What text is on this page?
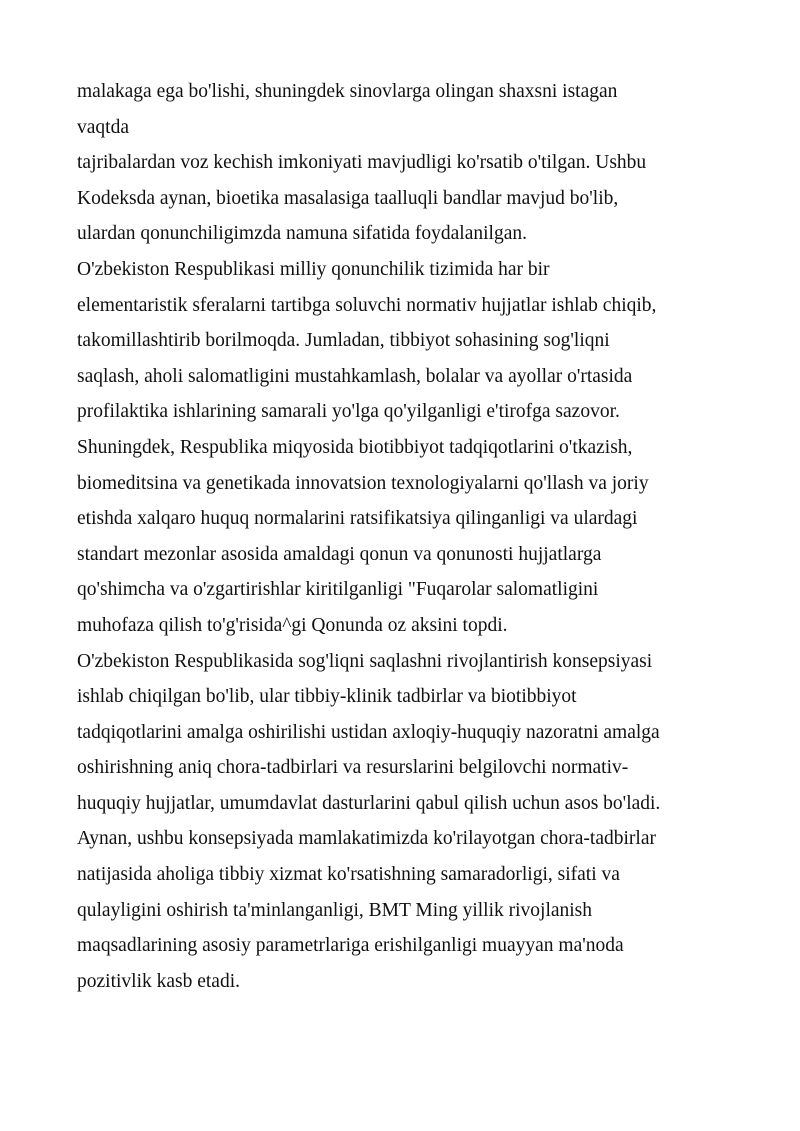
malakaga ega bo'lishi, shuningdek sinovlarga olingan shaxsni istagan
vaqtda
tajribalardan voz kechish imkoniyati mavjudligi ko'rsatib o'tilgan. Ushbu
Kodeksda aynan, bioetika masalasiga taalluqli bandlar mavjud bo'lib,
ulardan qonunchiligimzda namuna sifatida foydalanilgan.
O'zbekiston Respublikasi milliy qonunchilik tizimida har bir
elementaristik sferalarni tartibga soluvchi normativ hujjatlar ishlab chiqib,
takomillashtirib borilmoqda. Jumladan, tibbiyot sohasining sog'liqni
saqlash, aholi salomatligini mustahkamlash, bolalar va ayollar o'rtasida
profilaktika ishlarining samarali yo'lga qo'yilganligi e'tirofga sazovor.
Shuningdek, Respublika miqyosida biotibbiyot tadqiqotlarini o'tkazish,
biomeditsina va genetikada innovatsion texnologiyalarni qo'llash va joriy
etishda xalqaro huquq normalarini ratsifikatsiya qilinganligi va ulardagi
standart mezonlar asosida amaldagi qonun va qonunosti hujjatlarga
qo'shimcha va o'zgartirishlar kiritilganligi "Fuqarolar salomatligini
muhofaza qilish to'g'risida^gi Qonunda oz aksini topdi.
O'zbekiston Respublikasida sog'liqni saqlashni rivojlantirish konsepsiyasi
ishlab chiqilgan bo'lib, ular tibbiy-klinik tadbirlar va biotibbiyot
tadqiqotlarini amalga oshirilishi ustidan axloqiy-huquqiy nazoratni amalga
oshirishning aniq chora-tadbirlari va resurslarini belgilovchi normativ-
huquqiy hujjatlar, umumdavlat dasturlarini qabul qilish uchun asos bo'ladi.
Aynan, ushbu konsepsiyada mamlakatimizda ko'rilayotgan chora-tadbirlar
natijasida aholiga tibbiy xizmat ko'rsatishning samaradorligi, sifati va
qulayligini oshirish ta'minlanganligi, BMT Ming yillik rivojlanish
maqsadlarining asosiy parametrlariga erishilganligi muayyan ma'noda
pozitivlik kasb etadi.
